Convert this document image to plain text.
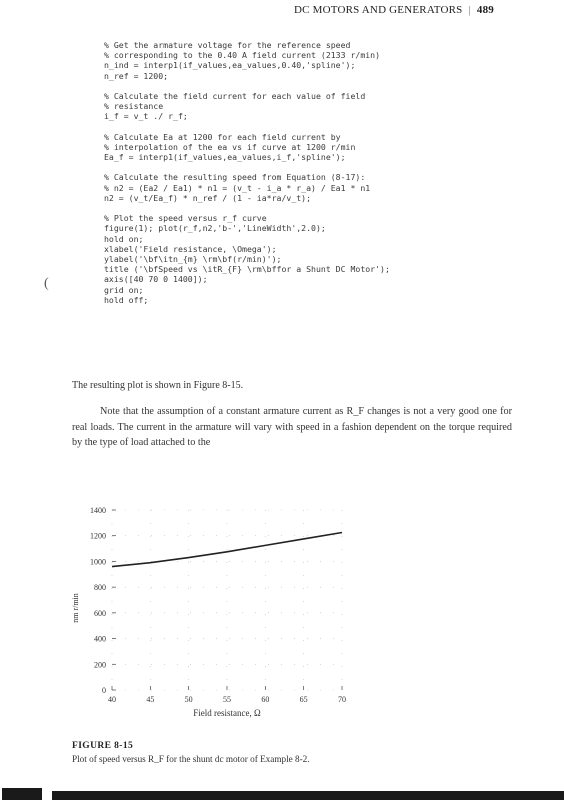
DC MOTORS AND GENERATORS | 489
% Get the armature voltage for the reference speed
% corresponding to the 0.40 A field current (2133 r/min)
n_ind = interp1(if_values,ea_values,0.40,'spline');
n_ref = 1200;
% Calculate the field current for each value of field
% resistance
i_f = v_t ./ r_f;
% Calculate Ea at 1200 for each field current by
% interpolation of the ea vs if curve at 1200 r/min
Ea_f = interp1(if_values,ea_values,i_f,'spline');
% Calculate the resulting speed from Equation (8-17):
% n2 = (Ea2 / Ea1) * n1 = (v_t - i_a * r_a) / Ea1 * n1
n2 = (v_t/Ea_f) * n_ref / (1 - ia*ra/v_t);
% Plot the speed versus r_f curve
figure(1); plot(r_f,n2,'b-','LineWidth',2.0);
hold on;
xlabel('Field resistance, \Omega');
ylabel('\bf\itn_{m} \rm\bf(r/min)');
title ('\bfSpeed vs \itR_{F} \rm\bffor a Shunt DC Motor');
axis([40 70 0 1400]);
grid on;
hold off;
(
The resulting plot is shown in Figure 8-15.
Note that the assumption of a constant armature current as R_F changes is not a very good one for real loads. The current in the armature will vary with speed in a fashion dependent on the torque required by the type of load attached to the
0
200
400
600
800
1000
1200
1400
40	45	50	55	60	65	70
Field resistance, Ω
nm r/min
FIGURE 8-15
Plot of speed versus R_F for the shunt dc motor of Example 8-2.
